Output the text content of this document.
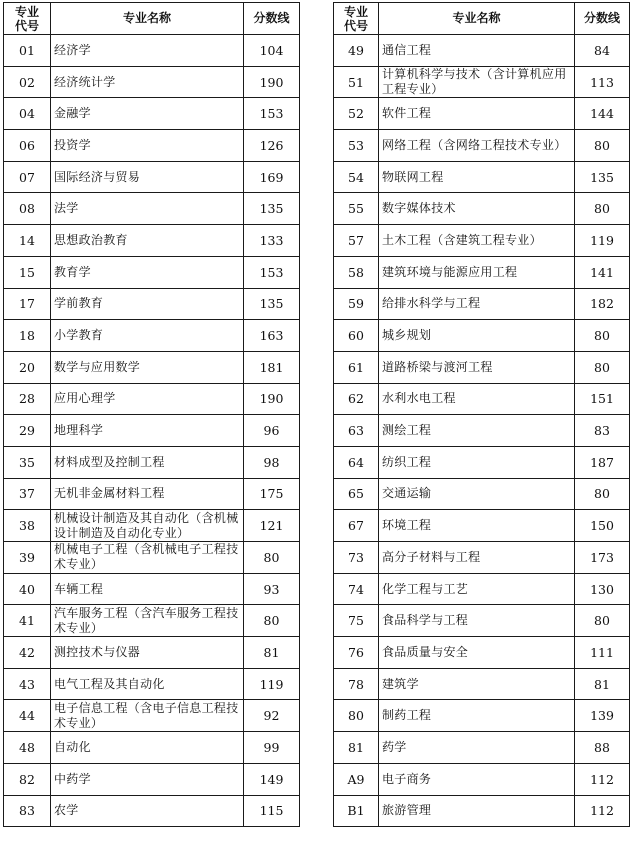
专业
代号	专业名称	分数线
01	经济学	104
02	经济统计学	190
04	金融学	153
06	投资学	126
07	国际经济与贸易	169
08	法学	135
14	思想政治教育	133
15	教育学	153
17	学前教育	135
18	小学教育	163
20	数学与应用数学	181
28	应用心理学	190
29	地理科学	96
35	材料成型及控制工程	98
37	无机非金属材料工程	175
38	机械设计制造及其自动化（含机械设计制造及自动化专业）	121
39	机械电子工程（含机械电子工程技术专业）	80
40	车辆工程	93
41	汽车服务工程（含汽车服务工程技术专业）	80
42	测控技术与仪器	81
43	电气工程及其自动化	119
44	电子信息工程（含电子信息工程技术专业）	92
48	自动化	99
82	中药学	149
83	农学	115
专业
代号	专业名称	分数线
49	通信工程	84
51	计算机科学与技术（含计算机应用工程专业）	113
52	软件工程	144
53	网络工程（含网络工程技术专业）	80
54	物联网工程	135
55	数字媒体技术	80
57	土木工程（含建筑工程专业）	119
58	建筑环境与能源应用工程	141
59	给排水科学与工程	182
60	城乡规划	80
61	道路桥梁与渡河工程	80
62	水利水电工程	151
63	测绘工程	83
64	纺织工程	187
65	交通运输	80
67	环境工程	150
73	高分子材料与工程	173
74	化学工程与工艺	130
75	食品科学与工程	80
76	食品质量与安全	111
78	建筑学	81
80	制药工程	139
81	药学	88
A9	电子商务	112
B1	旅游管理	112
